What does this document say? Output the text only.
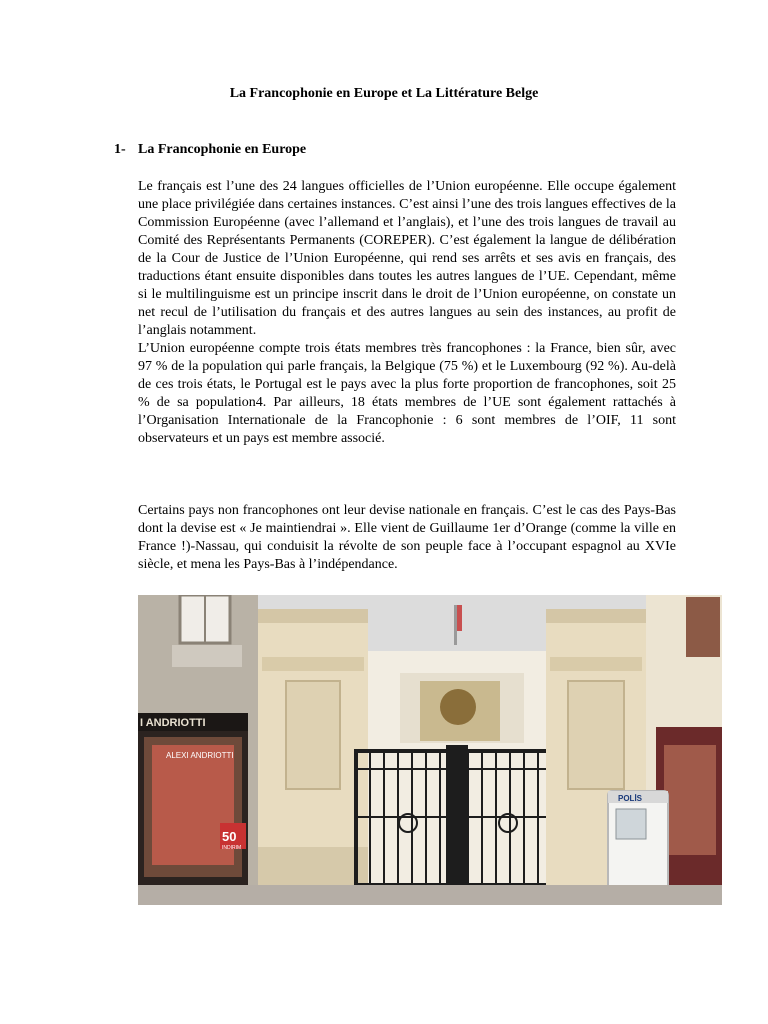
La Francophonie en Europe et La Littérature Belge
1- La Francophonie en Europe

Le français est l’une des 24 langues officielles de l’Union européenne. Elle occupe également une place privilégiée dans certaines instances. C’est ainsi l’une des trois langues effectives de la Commission Européenne (avec l’allemand et l’anglais), et l’une des trois langues de travail au Comité des Représentants Permanents (COREPER). C’est également la langue de délibération de la Cour de Justice de l’Union Européenne, qui rend ses arrêts et ses avis en français, des traductions étant ensuite disponibles dans toutes les autres langues de l’UE. Cependant, même si le multilinguisme est un principe inscrit dans le droit de l’Union européenne, on constate un net recul de l’utilisation du français et des autres langues au sein des instances, au profit de l’anglais notamment.

L’Union européenne compte trois états membres très francophones : la France, bien sûr, avec 97 % de la population qui parle français, la Belgique (75 %) et le Luxembourg (92 %). Au-delà de ces trois états, le Portugal est le pays avec la plus forte proportion de francophones, soit 25 % de sa population4. Par ailleurs, 18 états membres de l’UE sont également rattachés à l’Organisation Internationale de la Francophonie : 6 sont membres de l’OIF, 11 sont observateurs et un pays est membre associé.

Certains pays non francophones ont leur devise nationale en français. C’est le cas des Pays-Bas dont la devise est « Je maintiendrai ». Elle vient de Guillaume 1er d’Orange (comme la ville en France !)-Nassau, qui conduisit la révolte de son peuple face à l’occupant espagnol au XVIe siècle, et mena les Pays-Bas à l’indépendance.

I ANDRIOTTI
ALEXI ANDRIOTTI
50
INDIRIM
POLİS
